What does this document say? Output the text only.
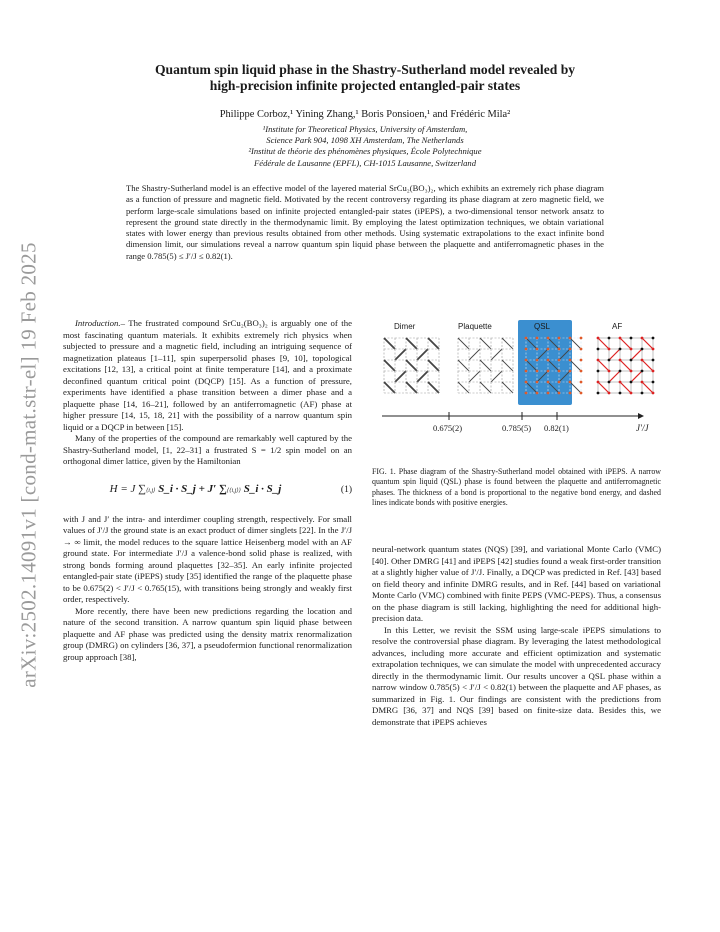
arXiv:2502.14091v1 [cond-mat.str-el] 19 Feb 2025
Quantum spin liquid phase in the Shastry-Sutherland model revealed by
high-precision infinite projected entangled-pair states
Philippe Corboz,¹ Yining Zhang,¹ Boris Ponsioen,¹ and Frédéric Mila²
¹Institute for Theoretical Physics, University of Amsterdam,
Science Park 904, 1098 XH Amsterdam, The Netherlands
²Institut de théorie des phénomènes physiques, École Polytechnique
Fédérale de Lausanne (EPFL), CH-1015 Lausanne, Switzerland
The Shastry-Sutherland model is an effective model of the layered material SrCu₂(BO₃)₂, which exhibits an extremely rich phase diagram as a function of pressure and magnetic field. Motivated by the recent controversy regarding its phase diagram at zero magnetic field, we perform large-scale simulations based on infinite projected entangled-pair states (iPEPS), a two-dimensional tensor network ansatz to represent the ground state directly in the thermodynamic limit. By employing the latest optimization techniques, we obtain variational states with lower energy than previous results obtained from other methods. Using systematic extrapolations to the exact infinite bond dimension limit, our simulations reveal a narrow quantum spin liquid phase between the plaquette and antiferromagnetic phases in the range 0.785(5) ≤ J′/J ≤ 0.82(1).

Introduction.– The frustrated compound SrCu₂(BO₃)₂ is arguably one of the most fascinating quantum materials. It exhibits extremely rich physics when subjected to pressure and a magnetic field, including an intriguing sequence of magnetization plateaus [1–11], spin superpersolid phases [9, 10], topological excitations [12, 13], a critical point at finite temperature [14], and a proximate deconfined quantum critical point (DQCP) [15]. As a function of pressure, experiments have identified a phase transition between a dimer phase and a plaquette phase [14, 16–21], followed by an antiferromagnetic (AF) phase at higher pressure [14, 15, 18, 21] with the possibility of a narrow quantum spin liquid or a DQCP in between [15].

Many of the properties of the compound are remarkably well captured by the Shastry-Sutherland model, [1, 22–31] a frustrated S = 1/2 spin model on an orthogonal dimer lattice, given by the Hamiltonian

H = J ∑⟨i,j⟩ S_i · S_j + J′ ∑⟨⟨i,j⟩⟩ S_i · S_j	(1)

with J and J′ the intra- and interdimer coupling strength, respectively. For small values of J′/J the ground state is an exact product of dimer singlets [22]. In the J′/J → ∞ limit, the model reduces to the square lattice Heisenberg model with an AF ground state. For intermediate J′/J a valence-bond solid phase is realized, with strong bonds forming around plaquettes [32–35]. An early infinite projected entangled-pair state (iPEPS) study [35] identified the range of the plaquette phase to be 0.675(2) < J′/J < 0.765(15), with transitions being strongly and weakly first order, respectively.

More recently, there have been new predictions regarding the location and nature of the second transition. A narrow quantum spin liquid phase between plaquette and AF phase was predicted using the density matrix renormalization group (DMRG) on cylinders [36, 37], a pseudofermion functional renormalization group approach [38],

Dimer	Plaquette	QSL	AF
0.675(2)	0.785(5) 0.82(1)	J′/J
FIG. 1. Phase diagram of the Shastry-Sutherland model obtained with iPEPS. A narrow quantum spin liquid (QSL) phase is found between the plaquette and antiferromagnetic phases. The thickness of a bond is proportional to the negative bond energy, and dashed lines indicate bonds with positive energies.

neural-network quantum states (NQS) [39], and variational Monte Carlo (VMC) [40]. Other DMRG [41] and iPEPS [42] studies found a weak first-order transition at a slightly higher value of J′/J. Finally, a DQCP was predicted in Ref. [43] based on field theory and infinite DMRG results, and in Ref. [44] based on variational Monte Carlo (VMC) combined with finite PEPS (VMC-PEPS). Thus, a consensus on the phase diagram is still lacking, highlighting the need for additional high-precision data.

In this Letter, we revisit the SSM using large-scale iPEPS simulations to resolve the controversial phase diagram. By leveraging the latest methodological advances, including more accurate and efficient optimization and systematic extrapolation techniques, we can simulate the model with unprecedented accuracy directly in the thermodynamic limit. Our results uncover a QSL phase within a narrow window 0.785(5) < J′/J < 0.82(1) between the plaquette and AF phases, as summarized in Fig. 1. Our findings are consistent with the predictions from DMRG [36, 37] and NQS [39] based on finite-size data. Besides this, we demonstrate that iPEPS achieves
